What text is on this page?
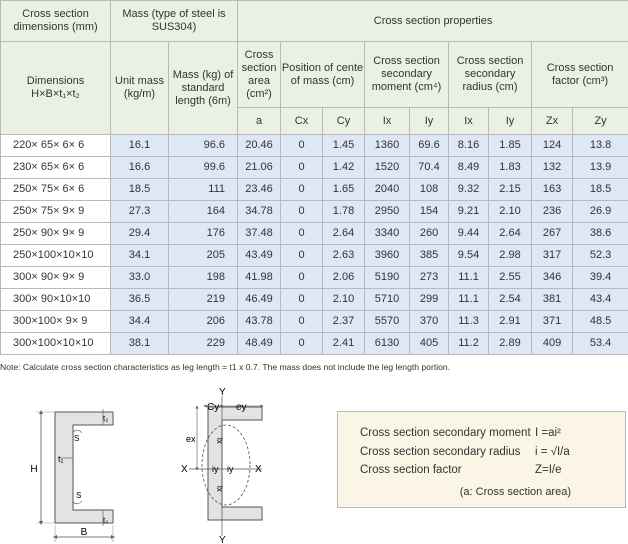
Cross section dimensions (mm)	Mass (type of steel is SUS304)		Cross section properties								
Dimensions H×B×t₁×t₂	Unit mass (kg/m)	Mass (kg) of standard length (6m)	Cross section area (cm²)	Position of cente of mass (cm)		Cross section secondary moment (cm⁴)		Cross section secondary radius (cm)		Cross section factor (cm³)	
			a	Cx	Cy	Ix	Iy	Ix	Iy	Zx	Zy
220× 65× 6× 6	16.1	96.6	20.46	0	1.45	1360	69.6	8.16	1.85	124	13.8
230× 65× 6× 6	16.6	99.6	21.06	0	1.42	1520	70.4	8.49	1.83	132	13.9
250× 75× 6× 6	18.5	111	23.46	0	1.65	2040	108	9.32	2.15	163	18.5
250× 75× 9× 9	27.3	164	34.78	0	1.78	2950	154	9.21	2.10	236	26.9
250× 90× 9× 9	29.4	176	37.48	0	2.64	3340	260	9.44	2.64	267	38.6
250×100×10×10	34.1	205	43.49	0	2.63	3960	385	9.54	2.98	317	52.3
300× 90× 9× 9	33.0	198	41.98	0	2.06	5190	273	11.1	2.55	346	39.4
300× 90×10×10	36.5	219	46.49	0	2.10	5710	299	11.1	2.54	381	43.4
300×100× 9× 9	34.4	206	43.78	0	2.37	5570	370	11.3	2.91	371	48.5
300×100×10×10	38.1	229	48.49	0	2.41	6130	405	11.2	2.89	409	53.4
Note: Calculate cross section characteristics as leg length = t1 x 0.7. The mass does not include the leg length portion.
H
B
t₁
t₂
t₂
S
S
X	X
Y
Y
Cy ey
ex
iy iy
ix
ix
Cross section secondary moment I =ai²
Cross section secondary radius i = √I/a
Cross section factor	Z=I/e
(a: Cross section area)
